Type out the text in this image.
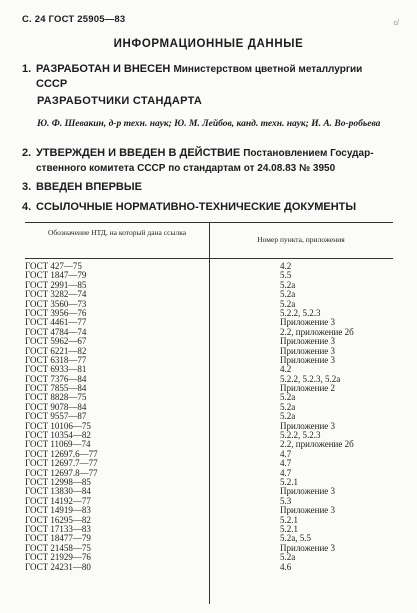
С. 24 ГОСТ 25905—83	с/
ИНФОРМАЦИОННЫЕ ДАННЫЕ
1. РАЗРАБОТАН И ВНЕСЕН Министерством цветной металлургии
СССР
РАЗРАБОТЧИКИ СТАНДАРТА
Ю. Ф. Шевакин, д-р техн. наук; Ю. М. Лейбов, канд. техн. наук; И. А. Во-робьева
2. УТВЕРЖДЕН И ВВЕДЕН В ДЕЙСТВИЕ Постановлением Государ-
ственного комитета СССР по стандартам от 24.08.83 № 3950
3. ВВЕДЕН ВПЕРВЫЕ
4. ССЫЛОЧНЫЕ НОРМАТИВНО-ТЕХНИЧЕСКИЕ ДОКУМЕНТЫ
Обозначение НТД, на который дана ссылка
Номер пункта, приложения
ГОСТ 427—75	4.2
ГОСТ 1847—79	5.5
ГОСТ 2991—85	5.2а
ГОСТ 3282—74	5.2а
ГОСТ 3560—73	5.2а
ГОСТ 3956—76	5.2.2, 5.2.3
ГОСТ 4461—77	Приложение 3
ГОСТ 4784—74	2.2, приложение 2б
ГОСТ 5962—67	Приложение 3
ГОСТ 6221—82	Приложение 3
ГОСТ 6318—77	Приложение 3
ГОСТ 6933—81	4.2
ГОСТ 7376—84	5.2.2, 5.2.3, 5.2а
ГОСТ 7855—84	Приложение 2
ГОСТ 8828—75	5.2а
ГОСТ 9078—84	5.2а
ГОСТ 9557—87	5.2а
ГОСТ 10106—75	Приложение 3
ГОСТ 10354—82	5.2.2, 5.2.3
ГОСТ 11069—74	2.2, приложение 2б
ГОСТ 12697.6—77	4.7
ГОСТ 12697.7—77	4.7
ГОСТ 12697.8—77	4.7
ГОСТ 12998—85	5.2.1
ГОСТ 13830—84	Приложение 3
ГОСТ 14192—77	5.3
ГОСТ 14919—83	Приложение 3
ГОСТ 16295—82	5.2.1
ГОСТ 17133—83	5.2.1
ГОСТ 18477—79	5.2а, 5.5
ГОСТ 21458—75	Приложение 3
ГОСТ 21929—76	5.2а
ГОСТ 24231—80	4.6
